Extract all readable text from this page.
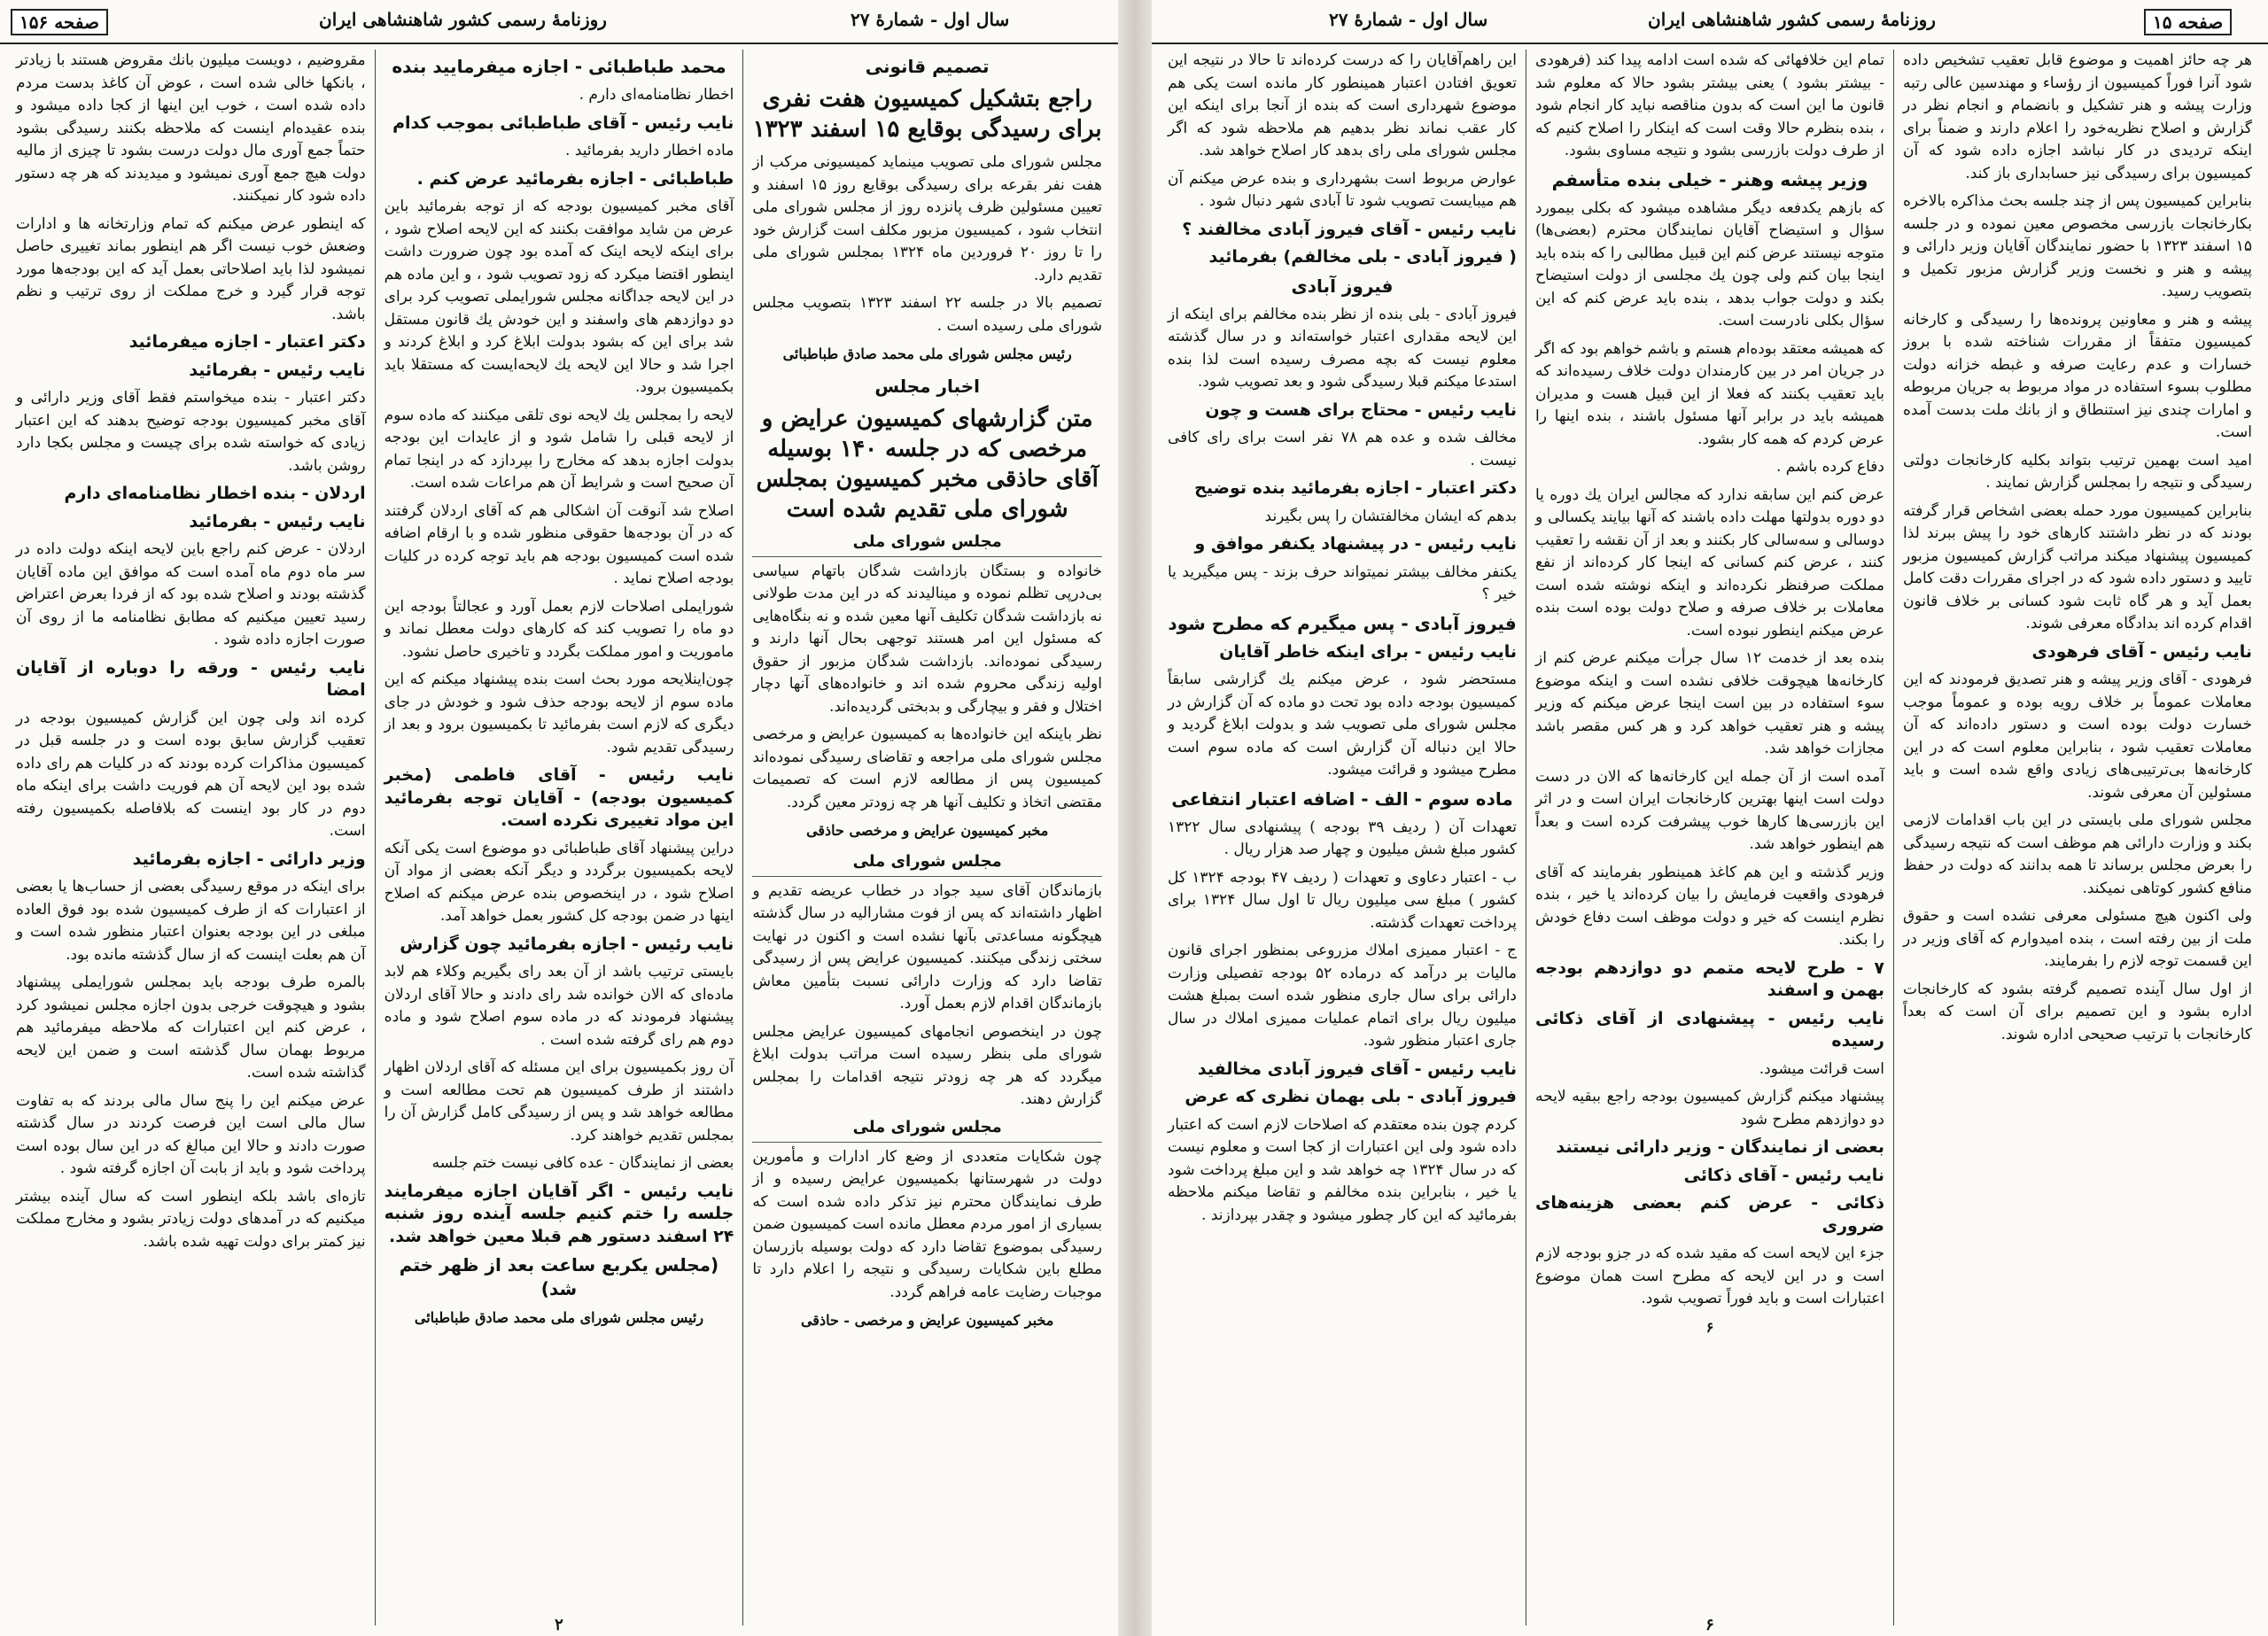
صفحه ۱۵۶	روزنامهٔ رسمی کشور شاهنشاهی ایران	سال اول - شمارهٔ ۲۷
تصمیم قانونی
راجع بتشکیل کمیسیون هفت نفری برای رسیدگی بوقایع ۱۵ اسفند ۱۳۲۳

مجلس شورای ملی تصویب مینماید کمیسیونی مرکب از هفت نفر بقرعه برای رسیدگی بوقایع روز ۱۵ اسفند و تعیین مسئولین ظرف پانزده روز از مجلس شورای ملی انتخاب شود ، کمیسیون مزبور مکلف است گزارش خود را تا روز ۲۰ فروردین ماه ۱۳۲۴ بمجلس شورای ملی تقدیم دارد.

تصمیم بالا در جلسه ۲۲ اسفند ۱۳۲۳ بتصویب مجلس شورای ملی رسیده است .

رئیس مجلس شورای ملی محمد صادق طباطبائی
اخبار مجلس
متن گزارشهای کمیسیون عرایض و مرخصی که در جلسه ۱۴۰ بوسیله آقای حاذقی مخبر کمیسیون بمجلس شورای ملی تقدیم شده است
مجلس شورای ملی

خانواده و بستگان بازداشت شدگان باتهام سیاسی بی‌درپی تظلم نموده و مینالیدند که در این مدت طولانی نه بازداشت شدگان تکلیف آنها معین شده و نه بنگاه‌هایی که مسئول این امر هستند توجهی بحال آنها دارند و رسیدگی نموده‌اند. بازداشت شدگان مزبور از حقوق اولیه زندگی محروم شده اند و خانواده‌های آنها دچار اختلال و فقر و بیچارگی و بدبختی گردیده‌اند.

نظر باینکه این خانواده‌ها به کمیسیون عرایض و مرخصی مجلس شورای ملی مراجعه و تقاضای رسیدگی نموده‌اند کمیسیون پس از مطالعه لازم است که تصمیمات مقتضی اتخاذ و تکلیف آنها هر چه زودتر معین گردد.

مخبر کمیسیون عرایض و مرخصی حاذقی
مجلس شورای ملی

بازماندگان آقای سید جواد در خطاب عریضه تقدیم و اظهار داشته‌اند که پس از فوت مشارالیه در سال گذشته هیچگونه مساعدتی بآنها نشده است و اکنون در نهایت سختی زندگی میکنند. کمیسیون عرایض پس از رسیدگی تقاضا دارد که وزارت دارائی نسبت بتأمین معاش بازماندگان اقدام لازم بعمل آورد.

چون در اینخصوص انجامهای کمیسیون عرایض مجلس شورای ملی بنظر رسیده است مراتب بدولت ابلاغ میگردد که هر چه زودتر نتیجه اقدامات را بمجلس گزارش دهند.

مجلس شورای ملی

چون شکایات متعددی از وضع کار ادارات و مأمورین دولت در شهرستانها بکمیسیون عرایض رسیده و از طرف نمایندگان محترم نیز تذکر داده شده است که بسیاری از امور مردم معطل مانده است کمیسیون ضمن رسیدگی بموضوع تقاضا دارد که دولت بوسیله بازرسان مطلع باین شکایات رسیدگی و نتیجه را اعلام دارد تا موجبات رضایت عامه فراهم گردد.

مخبر کمیسیون عرایض و مرخصی - حاذقی
محمد طباطبائی - اجازه میفرمایید بنده

اخطار نظامنامه‌ای دارم .

نایب رئیس - آقای طباطبائی بموجب کدام

ماده اخطار دارید بفرمائید .

طباطبائی - اجازه بفرمائید عرض کنم .

آقای مخبر کمیسیون بودجه که از توجه بفرمائید باین عرض من شاید موافقت بکنند که این لایحه اصلاح شود ، برای اینکه لایحه اینک که آمده بود چون ضرورت داشت اینطور اقتضا میکرد که زود تصویب شود ، و این ماده هم در این لایحه جداگانه مجلس شورایملی تصویب کرد برای دو دوازدهم هاى واسفند و این خودش یك قانون مستقل شد برای این که بشود بدولت ابلاغ کرد و ابلاغ کردند و اجرا شد و حالا این لایحه یك لایحه‌ایست که مستقلا باید بکمیسیون برود.

لایحه را بمجلس یك لایحه نوی تلقی میکنند که ماده سوم از لایحه قبلی را شامل شود و از عایدات این بودجه بدولت اجازه بدهد که مخارج را بپردازد که در اینجا تمام آن صحیح است و شرایط آن هم مراعات شده است.

اصلاح شد آنوقت آن اشکالی هم که آقای اردلان گرفتند که در آن بودجه‌ها حقوقی منظور شده و با ارقام اضافه شده است کمیسیون بودجه هم باید توجه کرده در کلیات بودجه اصلاح نماید .

شورایملی اصلاحات لازم بعمل آورد و عجالتاً بودجه این دو ماه را تصویب کند که کارهای دولت معطل نماند و ماموریت و امور مملکت بگردد و تاخیری حاصل نشود.

چون‌اینلایحه مورد بحث است بنده پیشنهاد میکنم که این ماده سوم از لایحه بودجه حذف شود و خودش در جای دیگری که لازم است بفرمائید تا بکمیسیون برود و بعد از رسیدگی تقدیم شود.

نایب رئیس - آقای فاطمی (مخبر کمیسیون بودجه) - آقایان توجه بفرمائید این مواد تغییری نکرده است.

دراین پیشنهاد آقای طباطبائی دو موضوع است یکی آنکه لایحه بکمیسیون برگردد و دیگر آنکه بعضی از مواد آن اصلاح شود ، در اینخصوص بنده عرض میکنم که اصلاح اینها در ضمن بودجه کل کشور بعمل خواهد آمد.

نایب رئیس - اجازه بفرمائید چون گزارش

بایستی ترتیب باشد از آن بعد رای بگیریم وکلاء هم لابد ماده‌ای که الان خوانده شد رای دادند و حالا آقای اردلان پیشنهاد فرمودند که در ماده سوم اصلاح شود و ماده دوم هم رای گرفته شده است .

آن روز بکمیسیون برای این مسئله که آقای اردلان اظهار داشتند از طرف کمیسیون هم تحت مطالعه است و مطالعه خواهد شد و پس از رسیدگی کامل گزارش آن را بمجلس تقدیم خواهند کرد.

بعضی از نمایندگان - عده کافی نیست ختم جلسه

نایب رئیس - اگر آقایان اجازه میفرمایند جلسه را ختم کنیم جلسه آینده روز شنبه ۲۴ اسفند دستور هم قبلا معین خواهد شد.

(مجلس یکربع ساعت بعد از ظهر ختم شد)
رئیس مجلس شورای ملی محمد صادق طباطبائی

مقروضیم ، دویست میلیون بانك مقروض هستند با زیادتر ، بانکها خالی شده است ، عوض آن کاغذ بدست مردم داده شده است ، خوب این اینها از کجا داده میشود و بنده عقیده‌ام اینست که ملاحظه بکنند رسیدگی بشود حتماً جمع آوری مال دولت درست بشود تا چیزی از مالیه دولت هیچ جمع آوری نمیشود و میدیدند که هر چه دستور داده شود کار نمیکنند.

که اینطور عرض میکنم که تمام وزارتخانه ها و ادارات وضعش خوب نیست اگر هم اینطور بماند تغییری حاصل نمیشود لذا باید اصلاحاتی بعمل آید که این بودجه‌ها مورد توجه قرار گیرد و خرج مملکت از روی ترتیب و نظم باشد.

دکتر اعتبار - اجازه میفرمائید

نایب رئیس - بفرمائید

دکتر اعتبار - بنده میخواستم فقط آقای وزیر دارائی و آقای مخبر کمیسیون بودجه توضیح بدهند که این اعتبار زیادی که خواسته شده برای چیست و مجلس بکجا دارد روشن باشد.

اردلان - بنده اخطار نظامنامه‌ای دارم

نایب رئیس - بفرمائید

اردلان - عرض کنم راجع باین لایحه اینکه دولت داده در سر ماه دوم ماه آمده است که موافق این ماده آقایان گذشته بودند و اصلاح شده بود که از فردا بعرض اعتراض رسید تعیین میکنیم که مطابق نظامنامه ما از روی آن صورت اجازه داده شود .

نایب رئیس - ورقه را دوباره از آقایان امضا

کرده اند ولی چون این گزارش کمیسیون بودجه در تعقیب گزارش سابق بوده است و در جلسه قبل در کمیسیون مذاکرات کرده بودند که در کلیات هم رای داده شده بود این لایحه آن هم فوریت داشت برای اینکه ماه دوم در کار بود اینست که بلافاصله بکمیسیون رفته است.

وزیر دارائی - اجازه بفرمائید

برای اینکه در موقع رسیدگی بعضی از حساب‌ها یا بعضی از اعتبارات که از طرف کمیسیون شده بود فوق العاده مبلغی در این بودجه بعنوان اعتبار منظور شده است و آن هم بعلت اینست که از سال گذشته مانده بود.

بالمره طرف بودجه باید بمجلس شورایملی پیشنهاد بشود و هیچوقت خرجی بدون اجازه مجلس نمیشود کرد ، عرض کنم این اعتبارات که ملاحظه میفرمائید هم مربوط بهمان سال گذشته است و ضمن این لایحه گذاشته شده است.

عرض میکنم این را پنج سال مالی بردند که به تفاوت سال مالی است این فرصت کردند در سال گذشته صورت دادند و حالا این مبالغ که در این سال بوده است پرداخت شود و باید از بابت آن اجازه گرفته شود .

تازه‌ای باشد بلکه اینطور است که سال آینده بیشتر میکنیم که در آمدهای دولت زیادتر بشود و مخارج مملکت نیز کمتر برای دولت تهیه شده باشد.

۲
سال اول - شمارهٔ ۲۷	روزنامهٔ رسمی کشور شاهنشاهی ایران	صفحه ۱۵

هر چه حائز اهمیت و موضوع قابل تعقیب تشخیص داده شود آنرا فوراً کمیسیون از رؤساء و مهندسین عالی رتبه وزارت پیشه و هنر تشکیل و بانضمام و انجام نظر در گزارش و اصلاح نظریه‌خود را اعلام دارند و ضمناً برای اینکه تردیدی در کار نباشد اجازه داده شود که آن کمیسیون برای رسیدگی نیز حسابداری باز کند.

بنابراین کمیسیون پس از چند جلسه بحث مذاکره بالاخره بکارخانجات بازرسی مخصوص معین نموده و در جلسه ۱۵ اسفند ۱۳۲۳ با حضور نمایندگان آقایان وزیر دارائی و پیشه و هنر و نخست وزیر گزارش مزبور تکمیل و بتصویب رسید.

پیشه و هنر و معاونین پرونده‌ها را رسیدگی و کارخانه کمیسیون متفقاً از مقررات شناخته شده با بروز خسارات و عدم رعایت صرفه و غبطه خزانه دولت مطلوب بسوء استفاده در مواد مربوط به جریان مربوطه و امارات چندی نیز استنطاق و از بانك ملت بدست آمده است.

امید است بهمین ترتیب بتواند بکلیه کارخانجات دولتی رسیدگی و نتیجه را بمجلس گزارش نمایند .

بنابراین کمیسیون مورد حمله بعضی اشخاص قرار گرفته بودند که در نظر داشتند کارهای خود را پیش ببرند لذا کمیسیون پیشنهاد میکند مراتب گزارش کمیسیون مزبور تایید و دستور داده شود که در اجرای مقررات دقت کامل بعمل آید و هر گاه ثابت شود کسانی بر خلاف قانون اقدام کرده اند بدادگاه معرفی شوند.

نایب رئیس - آقای فرهودی

فرهودی - آقای وزیر پیشه و هنر تصدیق فرمودند که این معاملات عموماً بر خلاف رویه بوده و عموماً موجب خسارت دولت بوده است و دستور داده‌اند که آن معاملات تعقیب شود ، بنابراین معلوم است که در این کارخانه‌ها بی‌ترتیبی‌های زیادی واقع شده است و باید مسئولین آن معرفی شوند.

مجلس شورای ملی بایستی در این باب اقدامات لازمی بکند و وزارت دارائی هم موظف است که نتیجه رسیدگی را بعرض مجلس برساند تا همه بدانند که دولت در حفظ منافع کشور کوتاهی نمیکند.

ولی اکنون هیچ مسئولی معرفی نشده است و حقوق ملت از بین رفته است ، بنده امیدوارم که آقای وزیر در این قسمت توجه لازم را بفرمایند.

از اول سال آینده تصمیم گرفته بشود که کارخانجات اداره بشود و این تصمیم برای آن است که بعداً کارخانجات با ترتیب صحیحی اداره شوند.

تمام این خلافهائی که شده است ادامه پیدا کند (فرهودی - بیشتر بشود ) یعنی بیشتر بشود حالا که معلوم شد قانون ما این است که بدون مناقصه نباید کار انجام شود ، بنده بنظرم حالا وقت است که اینکار را اصلاح کنیم که از طرف دولت بازرسی بشود و نتیجه مساوی بشود.

وزیر پیشه وهنر - خیلی بنده متأسفم

که بازهم یکدفعه دیگر مشاهده میشود که بکلی بیمورد سؤال و استیضاح آقایان نمایندگان محترم (بعضی‌ها) متوجه نیستند عرض کنم این قبیل مطالبی را که بنده باید اینجا بیان کنم ولی چون یك مجلسی از دولت استیضاح بکند و دولت جواب بدهد ، بنده باید عرض کنم که این سؤال بکلی نادرست است.

که همیشه معتقد بوده‌ام هستم و باشم خواهم بود که اگر در جریان امر در بین کارمندان دولت خلاف رسیده‌اند که باید تعقیب بکنند که فعلا از این قبیل هست و مدیران همیشه باید در برابر آنها مسئول باشند ، بنده اینها را عرض کردم که همه کار بشود.

دفاع کرده باشم .

عرض کنم این سابقه ندارد که مجالس ایران یك دوره یا دو دوره بدولتها مهلت داده باشند که آنها بیایند یکسالی و دوسالی و سه‌سالی کار بکنند و بعد از آن نقشه را تعقیب کنند ، عرض کنم کسانی که اینجا کار کرده‌اند از نفع مملکت صرفنظر نکرده‌اند و اینکه نوشته شده است معاملات بر خلاف صرفه و صلاح دولت بوده است بنده عرض میکنم اینطور نبوده است.

بنده بعد از خدمت ۱۲ سال جرأت میکنم عرض کنم از کارخانه‌ها هیچوقت خلافی نشده است و اینکه موضوع سوء استفاده در بین است اینجا عرض میکنم که وزیر پیشه و هنر تعقیب خواهد کرد و هر کس مقصر باشد مجازات خواهد شد.

آمده است از آن جمله این کارخانه‌ها که الان در دست دولت است اینها بهترین کارخانجات ایران است و در اثر این بازرسی‌ها کارها خوب پیشرفت کرده است و بعداً هم اینطور خواهد شد.

وزیر گذشته و این هم کاغذ همینطور بفرمایند که آقای فرهودی واقعیت فرمایش را بیان کرده‌اند یا خیر ، بنده نظرم اینست که خیر و دولت موظف است دفاع خودش را بکند.

۷ - طرح لایحه متمم دو دوازدهم بودجه بهمن و اسفند

نایب رئیس - پیشنهادی از آقای ذکائی رسیده

است قرائت میشود.

پیشنهاد میکنم گزارش کمیسیون بودجه راجع ببقیه لایحه دو دوازدهم مطرح شود

بعضی از نمایندگان - وزیر دارائی نیستند

نایب رئیس - آقای ذکائی

ذکائی - عرض کنم بعضی هزینه‌های ضروری

جزء این لایحه است که مقید شده که در جزو بودجه لازم است و در این لایحه که مطرح است همان موضوع اعتبارات است و باید فوراً تصویب شود.

۶

این راهم‌آقایان را که درست کرده‌اند تا حالا در نتیجه این تعویق افتادن اعتبار همینطور کار مانده است یکی هم موضوع شهرداری است که بنده از آنجا برای اینکه این کار عقب نماند نظر بدهیم هم ملاحظه شود که اگر مجلس شورای ملی رای بدهد کار اصلاح خواهد شد.

عوارض مربوط است بشهرداری و بنده عرض میکنم آن هم میبایست تصویب شود تا آبادی شهر دنبال شود .

نایب رئیس - آقای فیروز آبادی مخالفند ؟

( فیروز آبادی - بلی مخالفم) بفرمائید

فیروز آبادی

فیروز آبادی - بلی بنده از نظر بنده مخالفم برای اینکه از این لایحه مقداری اعتبار خواسته‌اند و در سال گذشته معلوم نیست که بچه مصرف رسیده است لذا بنده استدعا میکنم قبلا رسیدگی شود و بعد تصویب شود.

نایب رئیس - محتاج برای هست و چون

مخالف شده و عده هم ۷۸ نفر است برای رای کافی نیست .

دکتر اعتبار - اجازه بفرمائید بنده توضیح

بدهم که ایشان مخالفتشان را پس بگیرند

نایب رئیس - در پیشنهاد یکنفر موافق و

یکنفر مخالف بیشتر نمیتواند حرف بزند - پس میگیرید یا خیر ؟

فیروز آبادی - پس میگیرم که مطرح شود

نایب رئیس - برای اینکه خاطر آقایان

مستحضر شود ، عرض میکنم یك گزارشی سابقاً کمیسیون بودجه داده بود تحت دو ماده که آن گزارش در مجلس شورای ملی تصویب شد و بدولت ابلاغ گردید و حالا این دنباله آن گزارش است که ماده سوم است مطرح میشود و قرائت میشود.

ماده سوم - الف - اضافه اعتبار انتفاعی

تعهدات آن ( ردیف ۳۹ بودجه ) پیشنهادی سال ۱۳۲۲ کشور مبلغ شش میلیون و چهار صد هزار ریال .

ب - اعتبار دعاوی و تعهدات ( ردیف ۴۷ بودجه ۱۳۲۴ کل کشور ) مبلغ سی میلیون ریال تا اول سال ۱۳۲۴ برای پرداخت تعهدات گذشته.

ج - اعتبار ممیزی املاك مزروعی بمنظور اجرای قانون مالیات بر درآمد که درماده ۵۲ بودجه تفصیلی وزارت دارائی برای سال جاری منظور شده است بمبلغ هشت میلیون ریال برای اتمام عملیات ممیزی املاك در سال جاری اعتبار منظور شود.

نایب رئیس - آقای فیروز آبادی مخالفید

فیروز آبادی - بلی بهمان نظری که عرض

کردم چون بنده معتقدم که اصلاحات لازم است که اعتبار داده شود ولی این اعتبارات از کجا است و معلوم نیست که در سال ۱۳۲۴ چه خواهد شد و این مبلغ پرداخت شود یا خیر ، بنابراین بنده مخالفم و تقاضا میکنم ملاحظه بفرمائید که این کار چطور میشود و چقدر بپردازند .

۶
